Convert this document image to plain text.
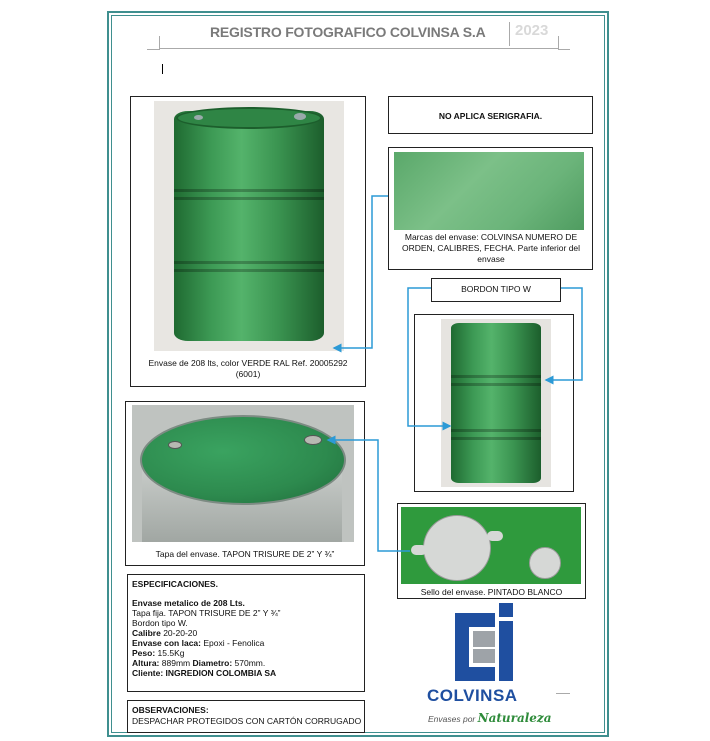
REGISTRO FOTOGRAFICO COLVINSA S.A	2023
Envase de 208 lts, color VERDE RAL Ref. 20005292 (6001)
NO APLICA SERIGRAFIA.
Marcas del envase: COLVINSA NUMERO DE ORDEN, CALIBRES, FECHA. Parte inferior del envase
BORDON TIPO W
Tapa del envase. TAPON TRISURE DE 2” Y ¾”
Sello del envase. PINTADO BLANCO
ESPECIFICACIONES.
Envase metalico de 208 Lts.
Tapa fija. TAPON TRISURE DE 2” Y ¾”
Bordon tipo W.
Calibre 20-20-20
Envase con laca: Epoxi - Fenolica
Peso: 15.5Kg
Altura: 889mm Diametro: 570mm.
Cliente: INGREDION COLOMBIA SA
OBSERVACIONES:
DESPACHAR PROTEGIDOS CON CARTÓN CORRUGADO
COLVINSA
Envases por Naturaleza
